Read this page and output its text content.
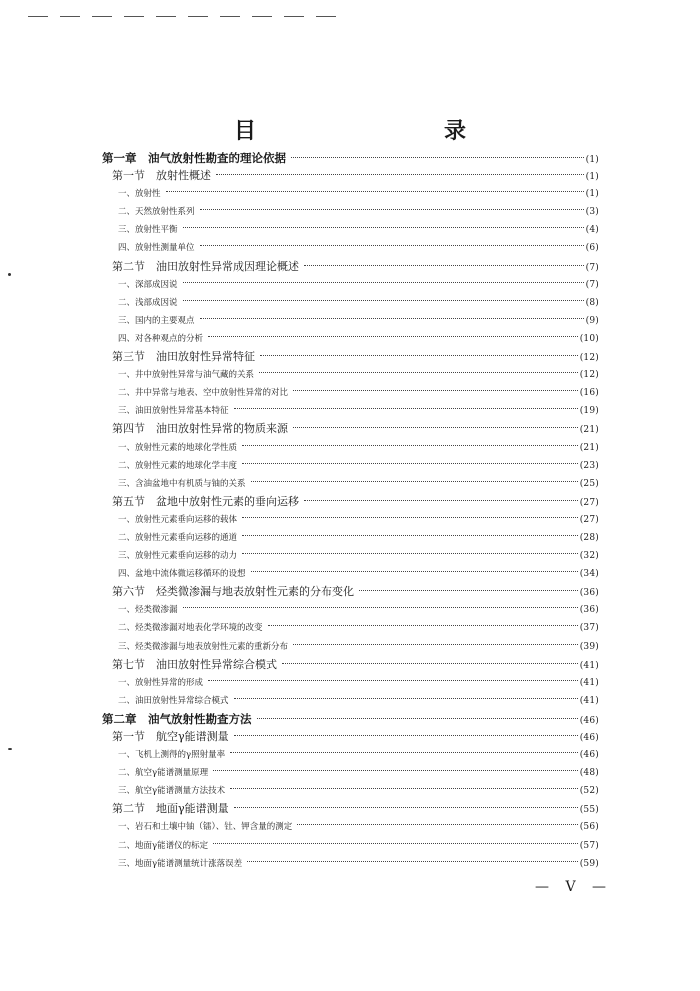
目　　录
第一章　油气放射性勘查的理论依据	(1)
第一节　放射性概述	(1)
一、放射性	(1)
二、天然放射性系列	(3)
三、放射性平衡	(4)
四、放射性测量单位	(6)
第二节　油田放射性异常成因理论概述	(7)
一、深部成因说	(7)
二、浅部成因说	(8)
三、国内的主要观点	(9)
四、对各种观点的分析	(10)
第三节　油田放射性异常特征	(12)
一、井中放射性异常与油气藏的关系	(12)
二、井中异常与地表、空中放射性异常的对比	(16)
三、油田放射性异常基本特征	(19)
第四节　油田放射性异常的物质来源	(21)
一、放射性元素的地球化学性质	(21)
二、放射性元素的地球化学丰度	(23)
三、含油盆地中有机质与铀的关系	(25)
第五节　盆地中放射性元素的垂向运移	(27)
一、放射性元素垂向运移的载体	(27)
二、放射性元素垂向运移的通道	(28)
三、放射性元素垂向运移的动力	(32)
四、盆地中流体微运移循环的设想	(34)
第六节　烃类微渗漏与地表放射性元素的分布变化	(36)
一、烃类微渗漏	(36)
二、烃类微渗漏对地表化学环境的改变	(37)
三、烃类微渗漏与地表放射性元素的重新分布	(39)
第七节　油田放射性异常综合模式	(41)
一、放射性异常的形成	(41)
二、油田放射性异常综合模式	(41)
第二章　油气放射性勘查方法	(46)
第一节　航空γ能谱测量	(46)
一、飞机上测得的γ照射量率	(46)
二、航空γ能谱测量原理	(48)
三、航空γ能谱测量方法技术	(52)
第二节　地面γ能谱测量	(55)
一、岩石和土壤中铀（镭）、钍、钾含量的测定	(56)
二、地面γ能谱仪的标定	(57)
三、地面γ能谱测量统计涨落误差	(59)
— V —
